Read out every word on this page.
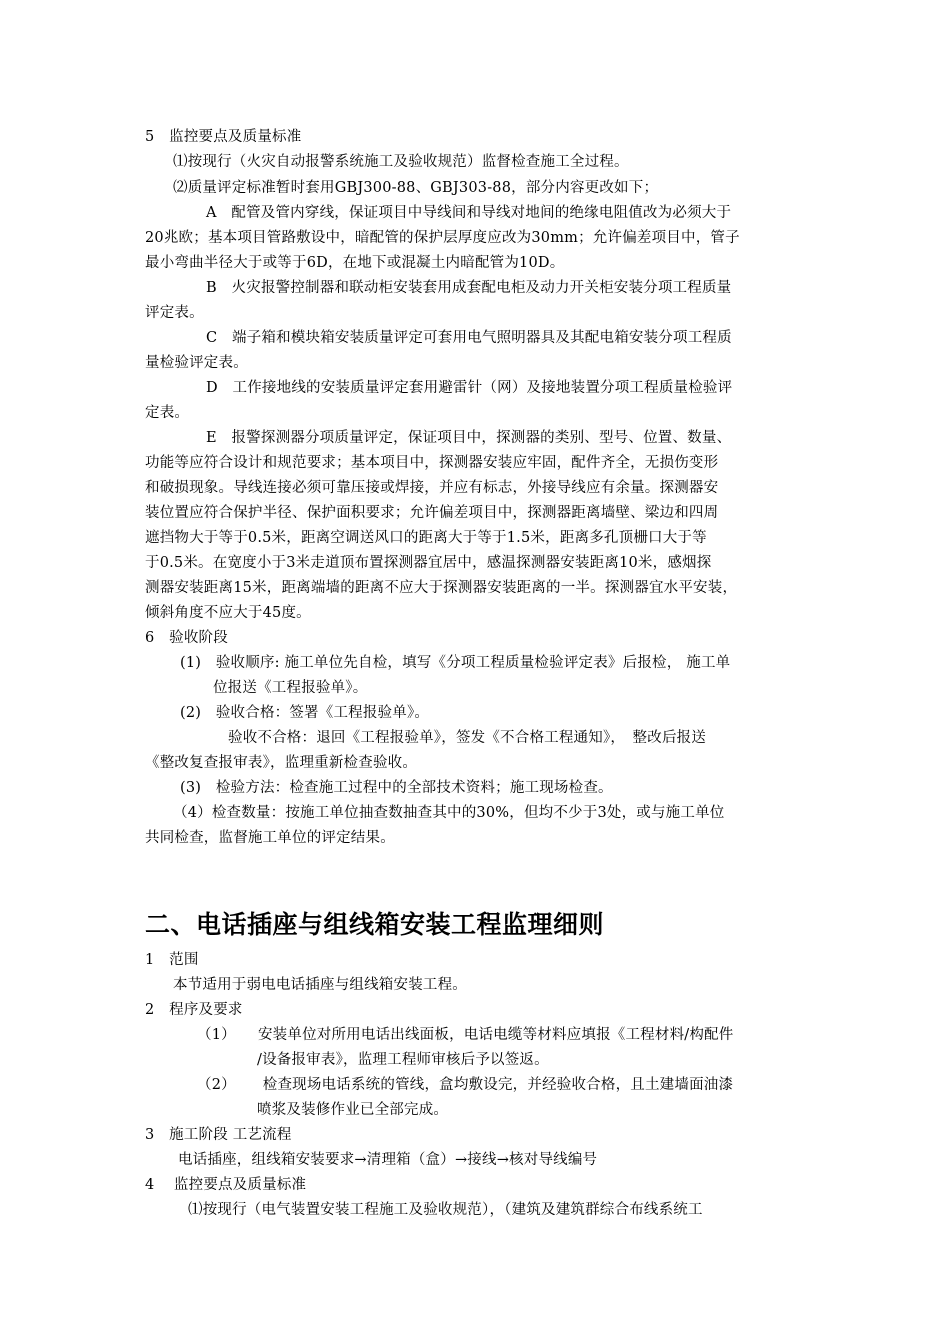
5　监控要点及质量标准
⑴按现行（火灾自动报警系统施工及验收规范）监督检查施工全过程。
⑵质量评定标准暂时套用GBJ300-88、GBJ303-88，部分内容更改如下；
A　配管及管内穿线，保证项目中导线间和导线对地间的绝缘电阻值改为必须大于
20兆欧；基本项目管路敷设中，暗配管的保护层厚度应改为30mm；允许偏差项目中，管子
最小弯曲半径大于或等于6D，在地下或混凝土内暗配管为10D。
B　火灾报警控制器和联动柜安装套用成套配电柜及动力开关柜安装分项工程质量
评定表。
C　端子箱和模块箱安装质量评定可套用电气照明器具及其配电箱安装分项工程质
量检验评定表。
D　工作接地线的安装质量评定套用避雷针（网）及接地装置分项工程质量检验评
定表。
E　报警探测器分项质量评定，保证项目中，探测器的类别、型号、位置、数量、
功能等应符合设计和规范要求；基本项目中，探测器安装应牢固，配件齐全，无损伤变形
和破损现象。导线连接必须可靠压接或焊接，并应有标志，外接导线应有余量。探测器安
装位置应符合保护半径、保护面积要求；允许偏差项目中，探测器距离墙壁、梁边和四周
遮挡物大于等于0.5米，距离空调送风口的距离大于等于1.5米，距离多孔顶栅口大于等
于0.5米。在宽度小于3米走道顶布置探测器宜居中，感温探测器安装距离10米，感烟探
测器安装距离15米，距离端墙的距离不应大于探测器安装距离的一半。探测器宜水平安装，
倾斜角度不应大于45度。
6　验收阶段
(1)　验收顺序: 施工单位先自检，填写《分项工程质量检验评定表》后报检， 施工单
位报送《工程报验单》。
(2)　验收合格：签署《工程报验单》。
验收不合格：退回《工程报验单》，签发《不合格工程通知》，　整改后报送
《整改复查报审表》，监理重新检查验收。
(3)　检验方法：检查施工过程中的全部技术资料；施工现场检查。
（4）检查数量：按施工单位抽查数抽查其中的30%，但均不少于3处，或与施工单位
共同检查，监督施工单位的评定结果。
二、电话插座与组线箱安装工程监理细则
1　范围
本节适用于弱电电话插座与组线箱安装工程。
2　程序及要求
（1）　　安装单位对所用电话出线面板，电话电缆等材料应填报《工程材料/构配件
/设备报审表》，监理工程师审核后予以签返。
（2）　　 检查现场电话系统的管线，盒均敷设完，并经验收合格，且土建墙面油漆
喷浆及装修作业已全部完成。
3　施工阶段 工艺流程
电话插座，组线箱安装要求→清理箱（盒）→接线→核对导线编号
4　 监控要点及质量标准
⑴按现行（电气装置安装工程施工及验收规范），（建筑及建筑群综合布线系统工
